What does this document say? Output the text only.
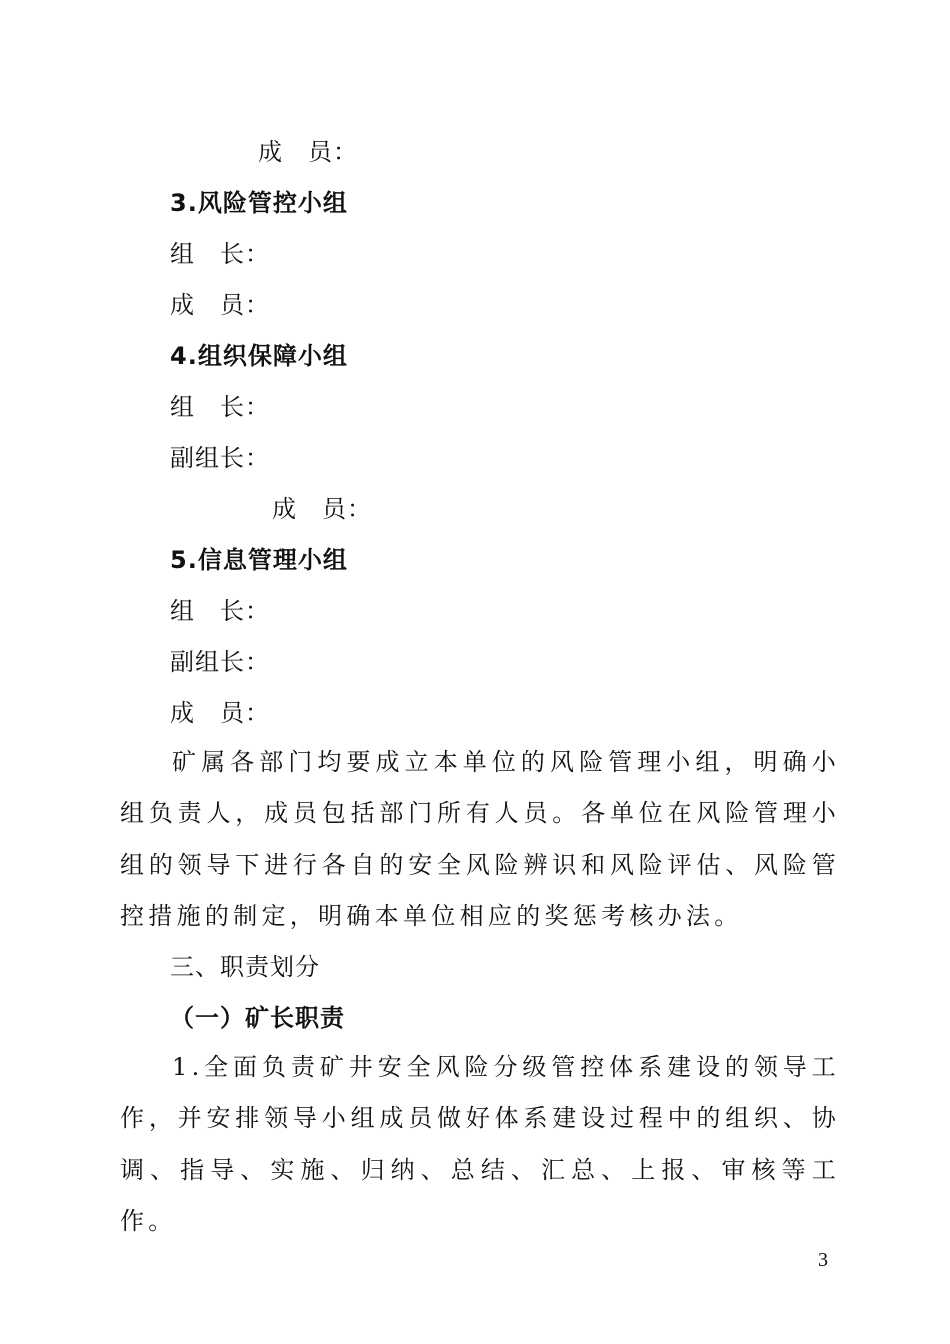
成　员：
3.风险管控小组
组　长：
成　员：
4.组织保障小组
组　长：
副组长：
成　员：
5.信息管理小组
组　长：
副组长：
成　员：
矿属各部门均要成立本单位的风险管理小组，明确小组负责人，成员包括部门所有人员。各单位在风险管理小组的领导下进行各自的安全风险辨识和风险评估、风险管控措施的制定，明确本单位相应的奖惩考核办法。
三、职责划分
（一）矿长职责
1.全面负责矿井安全风险分级管控体系建设的领导工作，并安排领导小组成员做好体系建设过程中的组织、协调、指导、实施、归纳、总结、汇总、上报、审核等工作。
3
